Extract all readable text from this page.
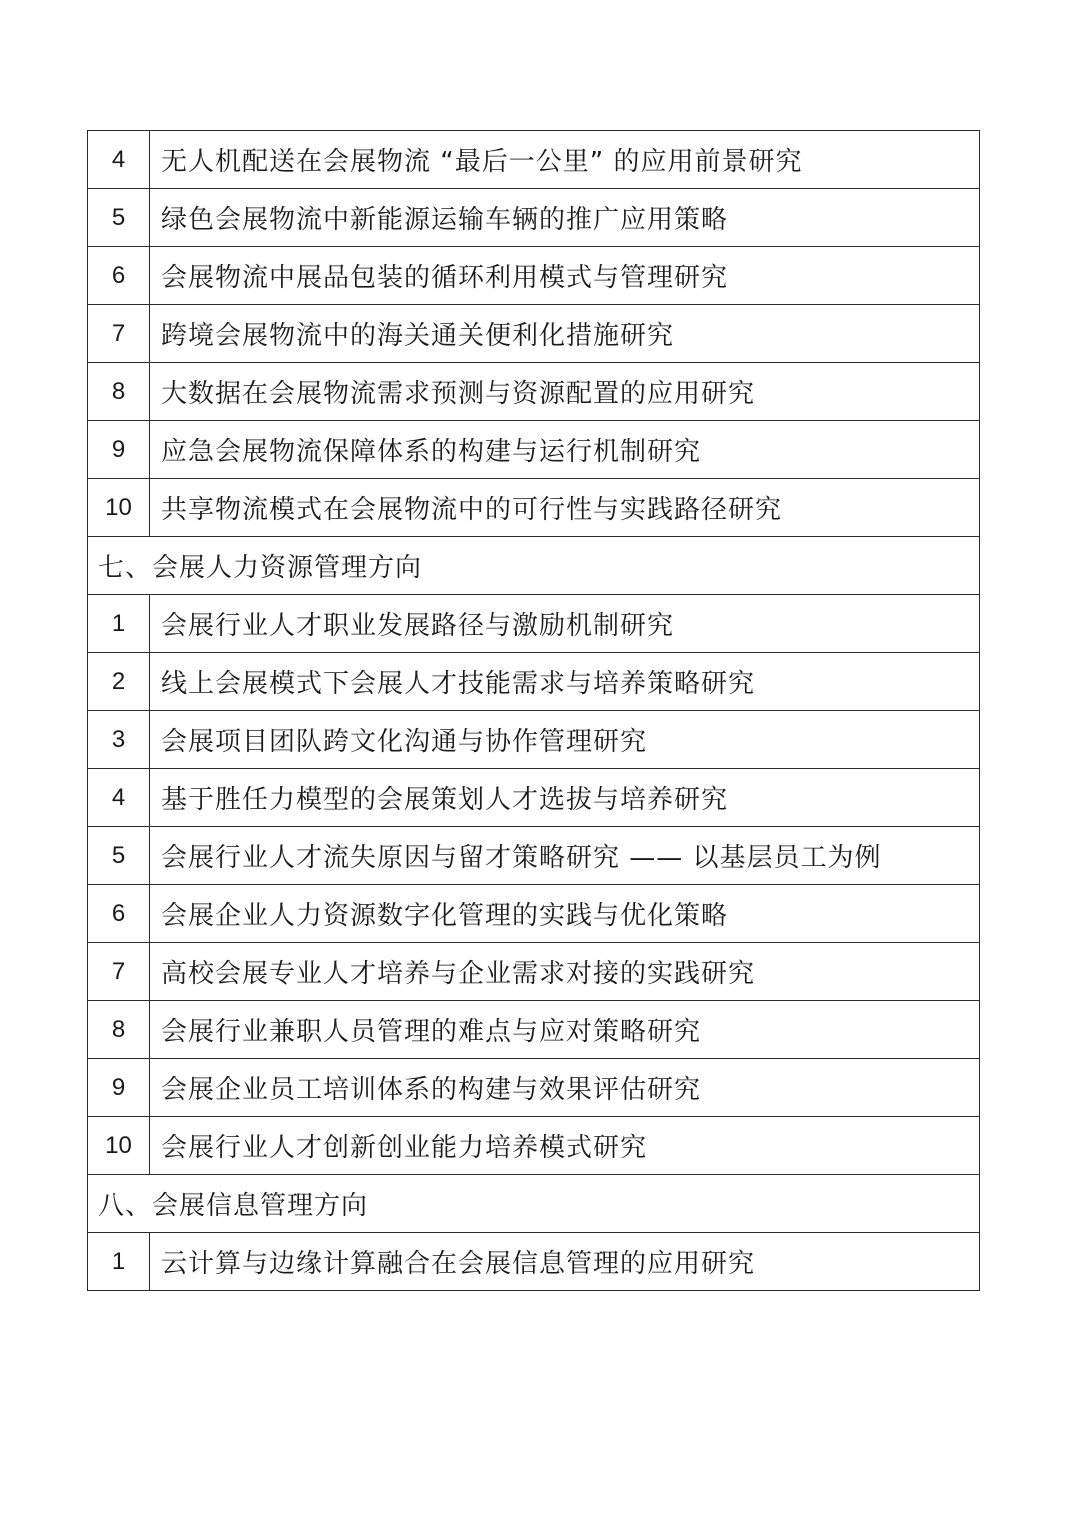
4	无人机配送在会展物流 “最后一公里” 的应用前景研究
5	绿色会展物流中新能源运输车辆的推广应用策略
6	会展物流中展品包装的循环利用模式与管理研究
7	跨境会展物流中的海关通关便利化措施研究
8	大数据在会展物流需求预测与资源配置的应用研究
9	应急会展物流保障体系的构建与运行机制研究
10	共享物流模式在会展物流中的可行性与实践路径研究
七、会展人力资源管理方向	
1	会展行业人才职业发展路径与激励机制研究
2	线上会展模式下会展人才技能需求与培养策略研究
3	会展项目团队跨文化沟通与协作管理研究
4	基于胜任力模型的会展策划人才选拔与培养研究
5	会展行业人才流失原因与留才策略研究 —— 以基层员工为例
6	会展企业人力资源数字化管理的实践与优化策略
7	高校会展专业人才培养与企业需求对接的实践研究
8	会展行业兼职人员管理的难点与应对策略研究
9	会展企业员工培训体系的构建与效果评估研究
10	会展行业人才创新创业能力培养模式研究
八、会展信息管理方向	
1	云计算与边缘计算融合在会展信息管理的应用研究
